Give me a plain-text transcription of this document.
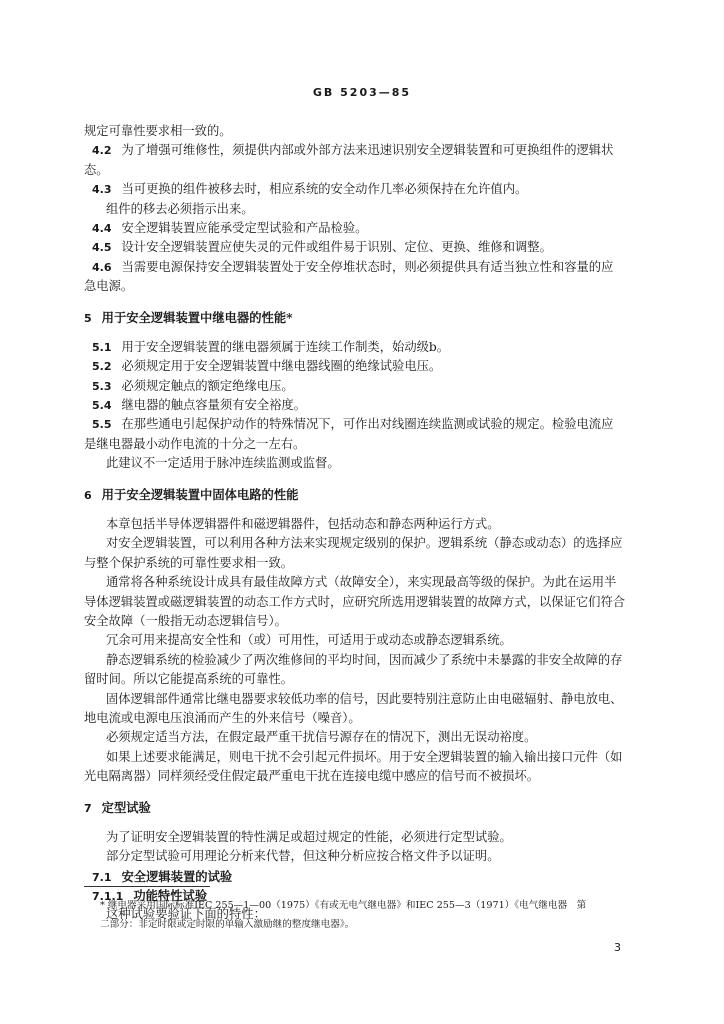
GB 5203—85
规定可靠性要求相一致的。
4.2 为了增强可维修性，须提供内部或外部方法来迅速识别安全逻辑装置和可更换组件的逻辑状
态。
4.3 当可更换的组件被移去时，相应系统的安全动作几率必须保持在允许值内。
组件的移去必须指示出来。
4.4 安全逻辑装置应能承受定型试验和产品检验。
4.5 设计安全逻辑装置应使失灵的元件或组件易于识别、定位、更换、维修和调整。
4.6 当需要电源保持安全逻辑装置处于安全停堆状态时，则必须提供具有适当独立性和容量的应
急电源。
5 用于安全逻辑装置中继电器的性能*
5.1 用于安全逻辑装置的继电器须属于连续工作制类，始动级b。
5.2 必须规定用于安全逻辑装置中继电器线圈的绝缘试验电压。
5.3 必须规定触点的额定绝缘电压。
5.4 继电器的触点容量须有安全裕度。
5.5 在那些通电引起保护动作的特殊情况下，可作出对线圈连续监测或试验的规定。检验电流应
是继电器最小动作电流的十分之一左右。
此建议不一定适用于脉冲连续监测或监督。
6 用于安全逻辑装置中固体电路的性能
本章包括半导体逻辑器件和磁逻辑器件，包括动态和静态两种运行方式。
对安全逻辑装置，可以利用各种方法来实现规定级别的保护。逻辑系统（静态或动态）的选择应
与整个保护系统的可靠性要求相一致。
通常将各种系统设计成具有最佳故障方式（故障安全），来实现最高等级的保护。为此在运用半
导体逻辑装置或磁逻辑装置的动态工作方式时，应研究所选用逻辑装置的故障方式，以保证它们符合
安全故障（一般指无动态逻辑信号）。
冗余可用来提高安全性和（或）可用性，可适用于或动态或静态逻辑系统。
静态逻辑系统的检验减少了两次维修间的平均时间，因而减少了系统中未暴露的非安全故障的存
留时间。所以它能提高系统的可靠性。
固体逻辑部件通常比继电器要求较低功率的信号，因此要特别注意防止由电磁辐射、静电放电、
地电流或电源电压浪涌而产生的外来信号（噪音）。
必须规定适当方法，在假定最严重干扰信号源存在的情况下，测出无误动裕度。
如果上述要求能满足，则电干扰不会引起元件损坏。用于安全逻辑装置的输入输出接口元件（如
光电隔离器）同样须经受住假定最严重电干扰在连接电缆中感应的信号而不被损坏。
7 定型试验
为了证明安全逻辑装置的特性满足或超过规定的性能，必须进行定型试验。
部分定型试验可用理论分析来代替，但这种分析应按合格文件予以证明。
7.1 安全逻辑装置的试验
7.1.1 功能特性试验
这种试验要验证下面的特性：
* 继电器采用国际标准IEC 255—1—00（1975）《有或无电气继电器》和IEC 255—3（1971）《电气继电器　第
二部分：非定时限或定时限的单输入激励继的整度继电器》。
3
